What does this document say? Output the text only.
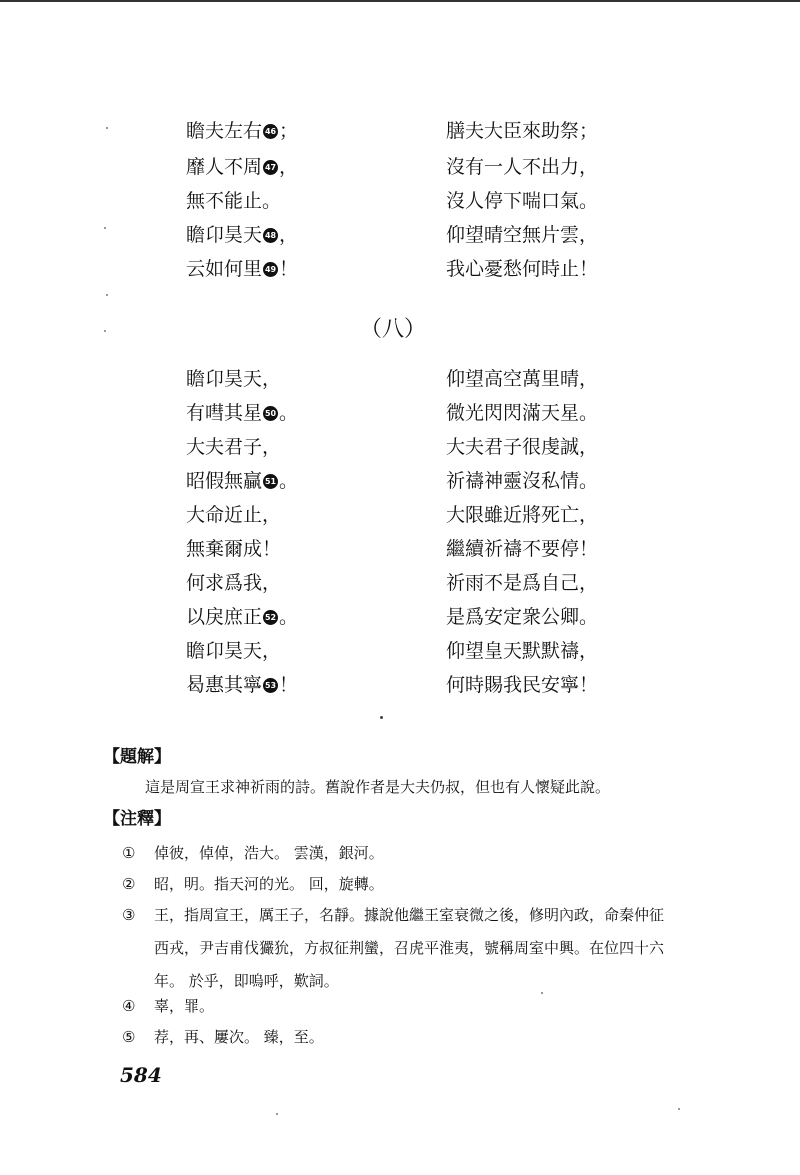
瞻夫左右 46 ；	膳夫大臣來助祭；
靡人不周 47 ，	沒有一人不出力，
無不能止。	沒人停下喘口氣。
瞻卬昊天 48 ，	仰望晴空無片雲，
云如何里 49 ！	我心憂愁何時止！
（八）
瞻卬昊天，	仰望高空萬里晴，
有嘒其星 50 。	微光閃閃滿天星。
大夫君子，	大夫君子很虔誠，
昭假無贏 51 。	祈禱神靈沒私情。
大命近止，	大限雖近將死亡，
無棄爾成！	繼續祈禱不要停！
何求爲我，	祈雨不是爲自己，
以戾庶正 52 。	是爲安定衆公卿。
瞻卬昊天，	仰望皇天默默禱，
曷惠其寧 53 ！	何時賜我民安寧！
【題解】
這是周宣王求神祈雨的詩。舊說作者是大夫仍叔，但也有人懷疑此說。
【注釋】
① 倬彼，倬倬，浩大。 雲漢，銀河。
② 昭，明。指天河的光。 回，旋轉。
③ 王，指周宣王，厲王子，名靜。據說他繼王室衰微之後，修明內政，命秦仲征西戎，尹吉甫伐玁狁，方叔征荆蠻，召虎平淮夷，號稱周室中興。在位四十六年。 於乎，即嗚呼，歎詞。
④ 辜，罪。
⑤ 荐，再、屢次。 臻，至。
584
